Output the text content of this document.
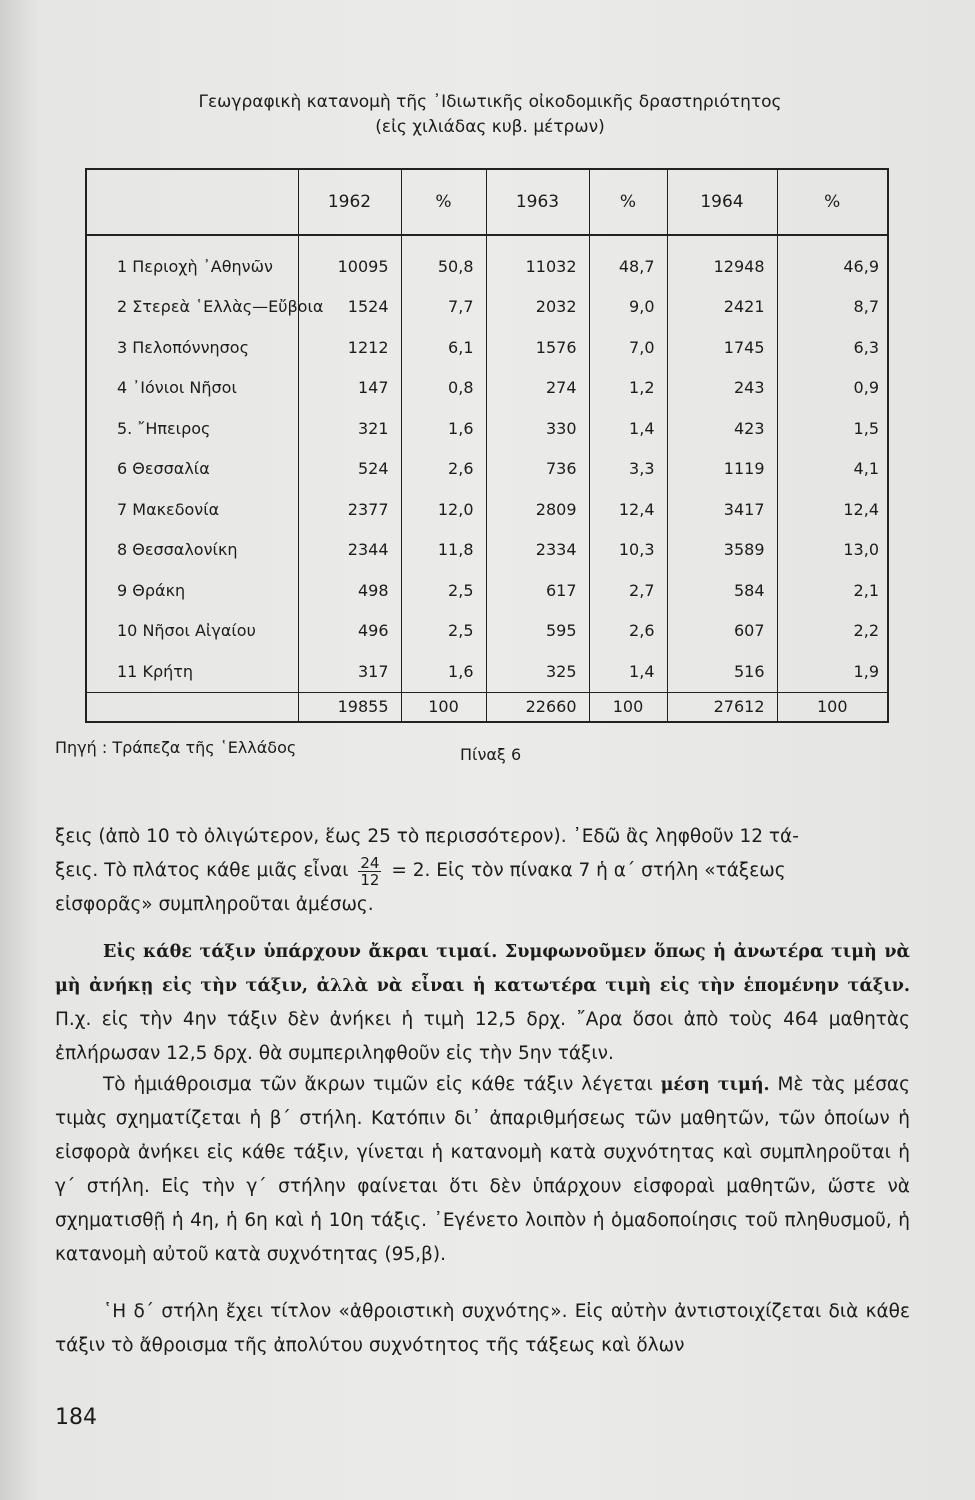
Γεωγραφικὴ κατανομὴ τῆς ᾽Ιδιωτικῆς οἰκοδομικῆς δραστηριότητος
(εἰς χιλιάδας κυβ. μέτρων)
	1962	%	1963	%	1964	%
1 Περιοχὴ ᾽Αθηνῶν	10095	50,8	11032	48,7	12948	46,9
2 Στερεὰ ῾Ελλὰς—Εὔβοια	1524	7,7	2032	9,0	2421	8,7
3 Πελοπόννησος	1212	6,1	1576	7,0	1745	6,3
4 ᾽Ιόνιοι Νῆσοι	147	0,8	274	1,2	243	0,9
5. ῎Ηπειρος	321	1,6	330	1,4	423	1,5
6 Θεσσαλία	524	2,6	736	3,3	1119	4,1
7 Μακεδονία	2377	12,0	2809	12,4	3417	12,4
8 Θεσσαλονίκη	2344	11,8	2334	10,3	3589	13,0
9 Θράκη	498	2,5	617	2,7	584	2,1
10 Νῆσοι Αἰγαίου	496	2,5	595	2,6	607	2,2
11 Κρήτη	317	1,6	325	1,4	516	1,9
	19855	100	22660	100	27612	100
Πηγή : Τράπεζα τῆς ῾Ελλάδος	Πίναξ 6

ξεις (ἀπὸ 10 τὸ ὀλιγώτερον, ἕως 25 τὸ περισσότερον). ᾽Εδῶ ἂς ληφθοῦν 12 τά-

ξεις. Τὸ πλάτος κάθε μιᾶς εἶναι $\frac{24}{12} = 2$. Εἰς τὸν πίνακα 7 ἡ α΄ στήλη «τάξεως

εἰσφορᾶς» συμπληροῦται ἀμέσως.

Εἰς κάθε τάξιν ὑπάρχουν ἄκραι τιμαί. Συμφωνοῦμεν ὅπως ἡ ἀνωτέρα τιμὴ νὰ μὴ ἀνήκῃ εἰς τὴν τάξιν, ἀλλὰ νὰ εἶναι ἡ κατωτέρα τιμὴ εἰς τὴν ἑπομένην τάξιν. Π.χ. εἰς τὴν 4ην τάξιν δὲν ἀνήκει ἡ τιμὴ 12,5 δρχ. ῎Αρα ὅσοι ἀπὸ τοὺς 464 μαθητὰς ἐπλήρωσαν 12,5 δρχ. θὰ συμπεριληφθοῦν εἰς τὴν 5ην τάξιν.

Τὸ ἡμιάθροισμα τῶν ἄκρων τιμῶν εἰς κάθε τάξιν λέγεται μέση τιμή. Μὲ τὰς μέσας τιμὰς σχηματίζεται ἡ β΄ στήλη. Κατόπιν δι᾽ ἀπαριθμήσεως τῶν μαθητῶν, τῶν ὁποίων ἡ εἰσφορὰ ἀνήκει εἰς κάθε τάξιν, γίνεται ἡ κατανομὴ κατὰ συχνότητας καὶ συμπληροῦται ἡ γ΄ στήλη. Εἰς τὴν γ΄ στήλην φαίνεται ὅτι δὲν ὑπάρχουν εἰσφοραὶ μαθητῶν, ὥστε νὰ σχηματισθῇ ἡ 4η, ἡ 6η καὶ ἡ 10η τάξις. ᾽Εγένετο λοιπὸν ἡ ὁμαδοποίησις τοῦ πληθυσμοῦ, ἡ κατανομὴ αὐτοῦ κατὰ συχνότητας (95,β).

῾Η δ΄ στήλη ἔχει τίτλον «ἀθροιστικὴ συχνότης». Εἰς αὐτὴν ἀντιστοιχίζεται διὰ κάθε τάξιν τὸ ἄθροισμα τῆς ἀπολύτου συχνότητος τῆς τάξεως καὶ ὅλων

184
